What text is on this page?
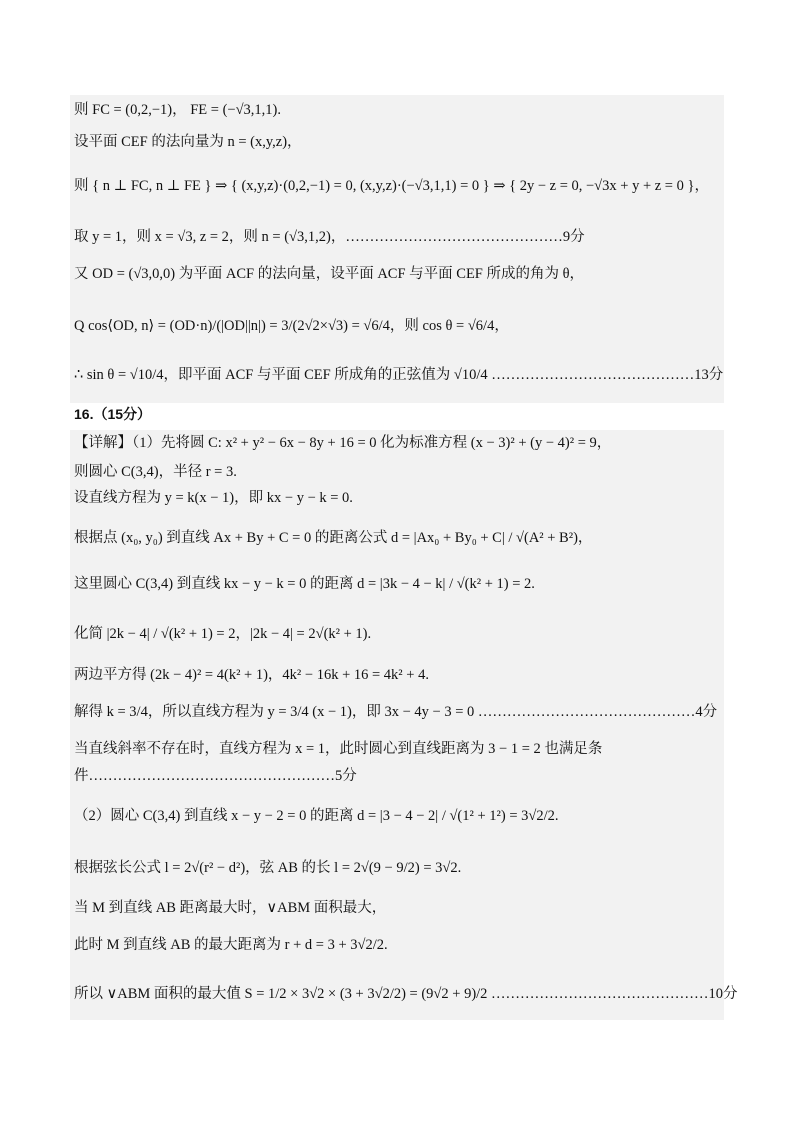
则 FC = (0,2,−1)， FE = (−√3,1,1).
设平面 CEF 的法向量为 n = (x,y,z)，
则 { n ⊥ FC, n ⊥ FE } ⇒ { (x,y,z)·(0,2,−1) = 0, (x,y,z)·(−√3,1,1) = 0 } ⇒ { 2y − z = 0, −√3x + y + z = 0 }，
取 y = 1，则 x = √3, z = 2，则 n = (√3,1,2)，………………………………………9分
又 OD = (√3,0,0) 为平面 ACF 的法向量，设平面 ACF 与平面 CEF 所成的角为 θ，
Q cos⟨OD, n⟩ = (OD·n)/(|OD||n|) = 3/(2√2×√3) = √6/4，则 cos θ = √6/4，
∴ sin θ = √10/4，即平面 ACF 与平面 CEF 所成角的正弦值为 √10/4 ……………………………………13分
16.（15分）
【详解】（1）先将圆 C: x² + y² − 6x − 8y + 16 = 0 化为标准方程 (x − 3)² + (y − 4)² = 9，
则圆心 C(3,4)，半径 r = 3.
设直线方程为 y = k(x − 1)，即 kx − y − k = 0.
根据点 (x₀, y₀) 到直线 Ax + By + C = 0 的距离公式 d = |Ax₀ + By₀ + C| / √(A² + B²)，
这里圆心 C(3,4) 到直线 kx − y − k = 0 的距离 d = |3k − 4 − k| / √(k² + 1) = 2.
化简 |2k − 4| / √(k² + 1) = 2，|2k − 4| = 2√(k² + 1).
两边平方得 (2k − 4)² = 4(k² + 1)，4k² − 16k + 16 = 4k² + 4.
解得 k = 3/4，所以直线方程为 y = 3/4 (x − 1)，即 3x − 4y − 3 = 0 ………………………………………4分
当直线斜率不存在时，直线方程为 x = 1，此时圆心到直线距离为 3 − 1 = 2 也满足条
件……………………………………………5分
（2）圆心 C(3,4) 到直线 x − y − 2 = 0 的距离 d = |3 − 4 − 2| / √(1² + 1²) = 3√2/2.
根据弦长公式 l = 2√(r² − d²)，弦 AB 的长 l = 2√(9 − 9/2) = 3√2.
当 M 到直线 AB 距离最大时，∨ABM 面积最大，
此时 M 到直线 AB 的最大距离为 r + d = 3 + 3√2/2.
所以 ∨ABM 面积的最大值 S = 1/2 × 3√2 × (3 + 3√2/2) = (9√2 + 9)/2 ………………………………………10分
